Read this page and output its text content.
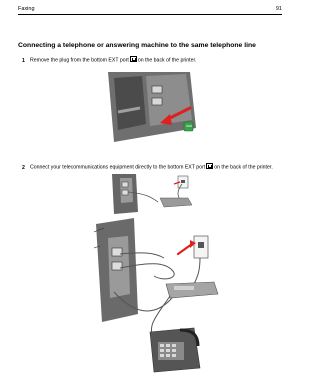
Faxing	91
Connecting a telephone or answering machine to the same telephone line
1 Remove the plug from the bottom EXT port on the back of the printer.
2 Connect your telecommunications equipment directly to the bottom EXT port on the back of the printer.
